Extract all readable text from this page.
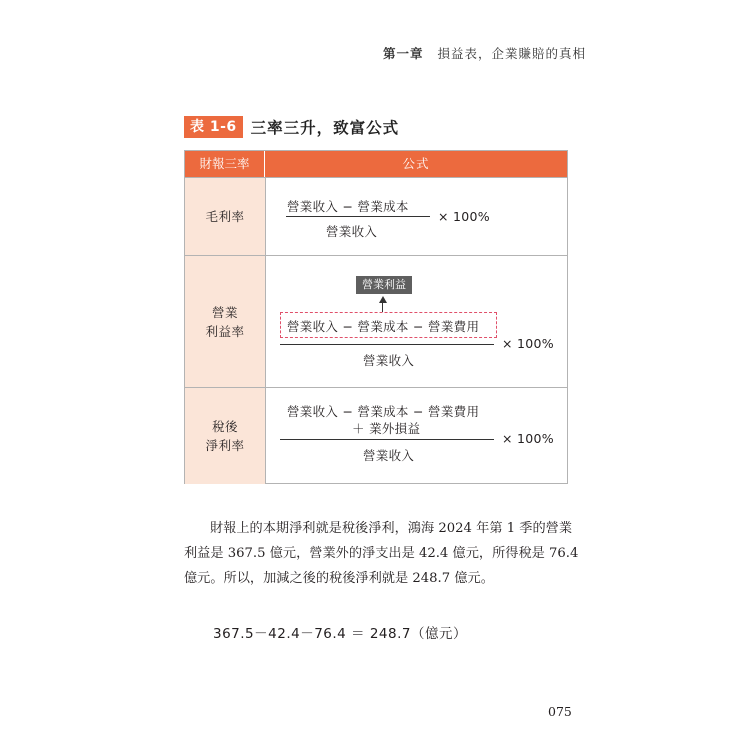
第一章 損益表，企業賺賠的真相
表 1-6 三率三升，致富公式
財報三率	公式
毛利率
營業收入 − 營業成本
營業收入
× 100%
營業
利益率
營業利益
營業收入 − 營業成本 − 營業費用
營業收入
× 100%
稅後
淨利率
營業收入 − 營業成本 − 營業費用
＋ 業外損益
營業收入
× 100%
財報上的本期淨利就是稅後淨利，鴻海 2024 年第 1 季的營業
利益是 367.5 億元，營業外的淨支出是 42.4 億元，所得稅是 76.4
億元。所以，加減之後的稅後淨利就是 248.7 億元。
367.5－42.4－76.4 ＝ 248.7（億元）
075
